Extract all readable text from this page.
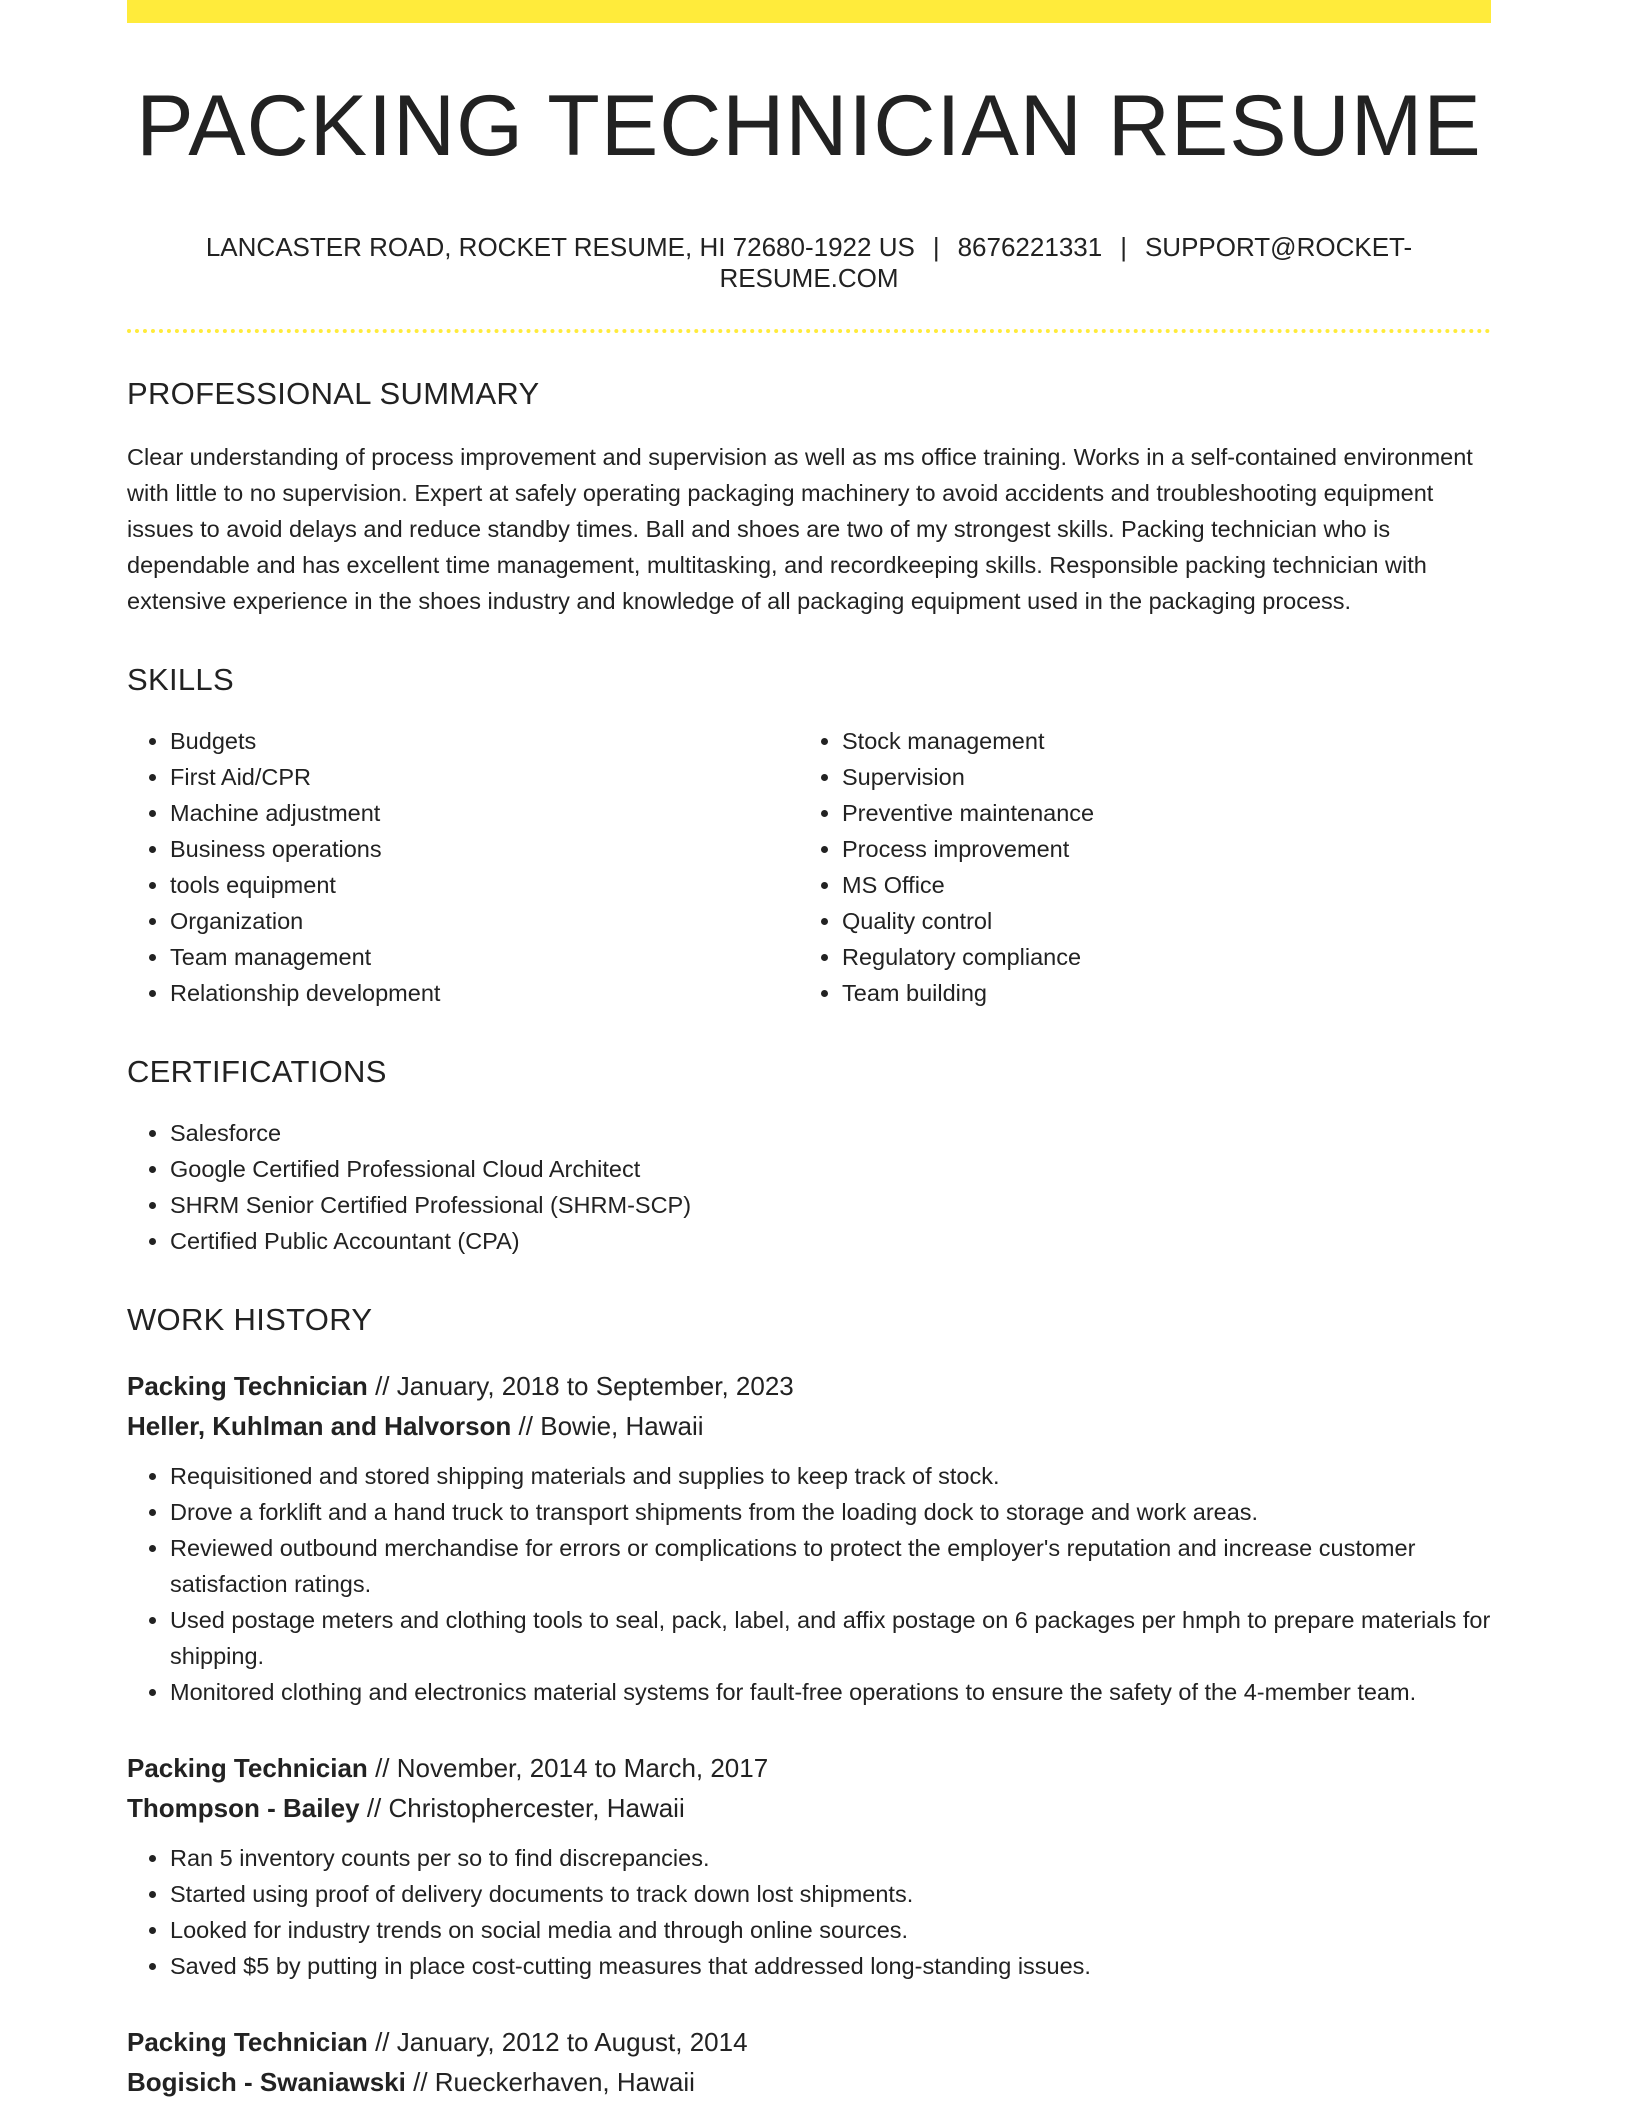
PACKING TECHNICIAN RESUME
LANCASTER ROAD, ROCKET RESUME, HI 72680-1922 US | 8676221331 | SUPPORT@ROCKET-RESUME.COM
PROFESSIONAL SUMMARY

Clear understanding of process improvement and supervision as well as ms office training. Works in a self-contained environment with little to no supervision. Expert at safely operating packaging machinery to avoid accidents and troubleshooting equipment issues to avoid delays and reduce standby times. Ball and shoes are two of my strongest skills. Packing technician who is dependable and has excellent time management, multitasking, and recordkeeping skills. Responsible packing technician with extensive experience in the shoes industry and knowledge of all packaging equipment used in the packaging process.

SKILLS
• Budgets
• First Aid/CPR
• Machine adjustment
• Business operations
• tools equipment
• Organization
• Team management
• Relationship development
• Stock management
• Supervision
• Preventive maintenance
• Process improvement
• MS Office
• Quality control
• Regulatory compliance
• Team building
CERTIFICATIONS
• Salesforce
• Google Certified Professional Cloud Architect
• SHRM Senior Certified Professional (SHRM-SCP)
• Certified Public Accountant (CPA)
WORK HISTORY
Packing Technician // January, 2018 to September, 2023
Heller, Kuhlman and Halvorson // Bowie, Hawaii
• Requisitioned and stored shipping materials and supplies to keep track of stock.
• Drove a forklift and a hand truck to transport shipments from the loading dock to storage and work areas.
• Reviewed outbound merchandise for errors or complications to protect the employer's reputation and increase customer satisfaction ratings.
• Used postage meters and clothing tools to seal, pack, label, and affix postage on 6 packages per hmph to prepare materials for shipping.
• Monitored clothing and electronics material systems for fault-free operations to ensure the safety of the 4-member team.
Packing Technician // November, 2014 to March, 2017
Thompson - Bailey // Christophercester, Hawaii
• Ran 5 inventory counts per so to find discrepancies.
• Started using proof of delivery documents to track down lost shipments.
• Looked for industry trends on social media and through online sources.
• Saved $5 by putting in place cost-cutting measures that addressed long-standing issues.
Packing Technician // January, 2012 to August, 2014
Bogisich - Swaniawski // Rueckerhaven, Hawaii
